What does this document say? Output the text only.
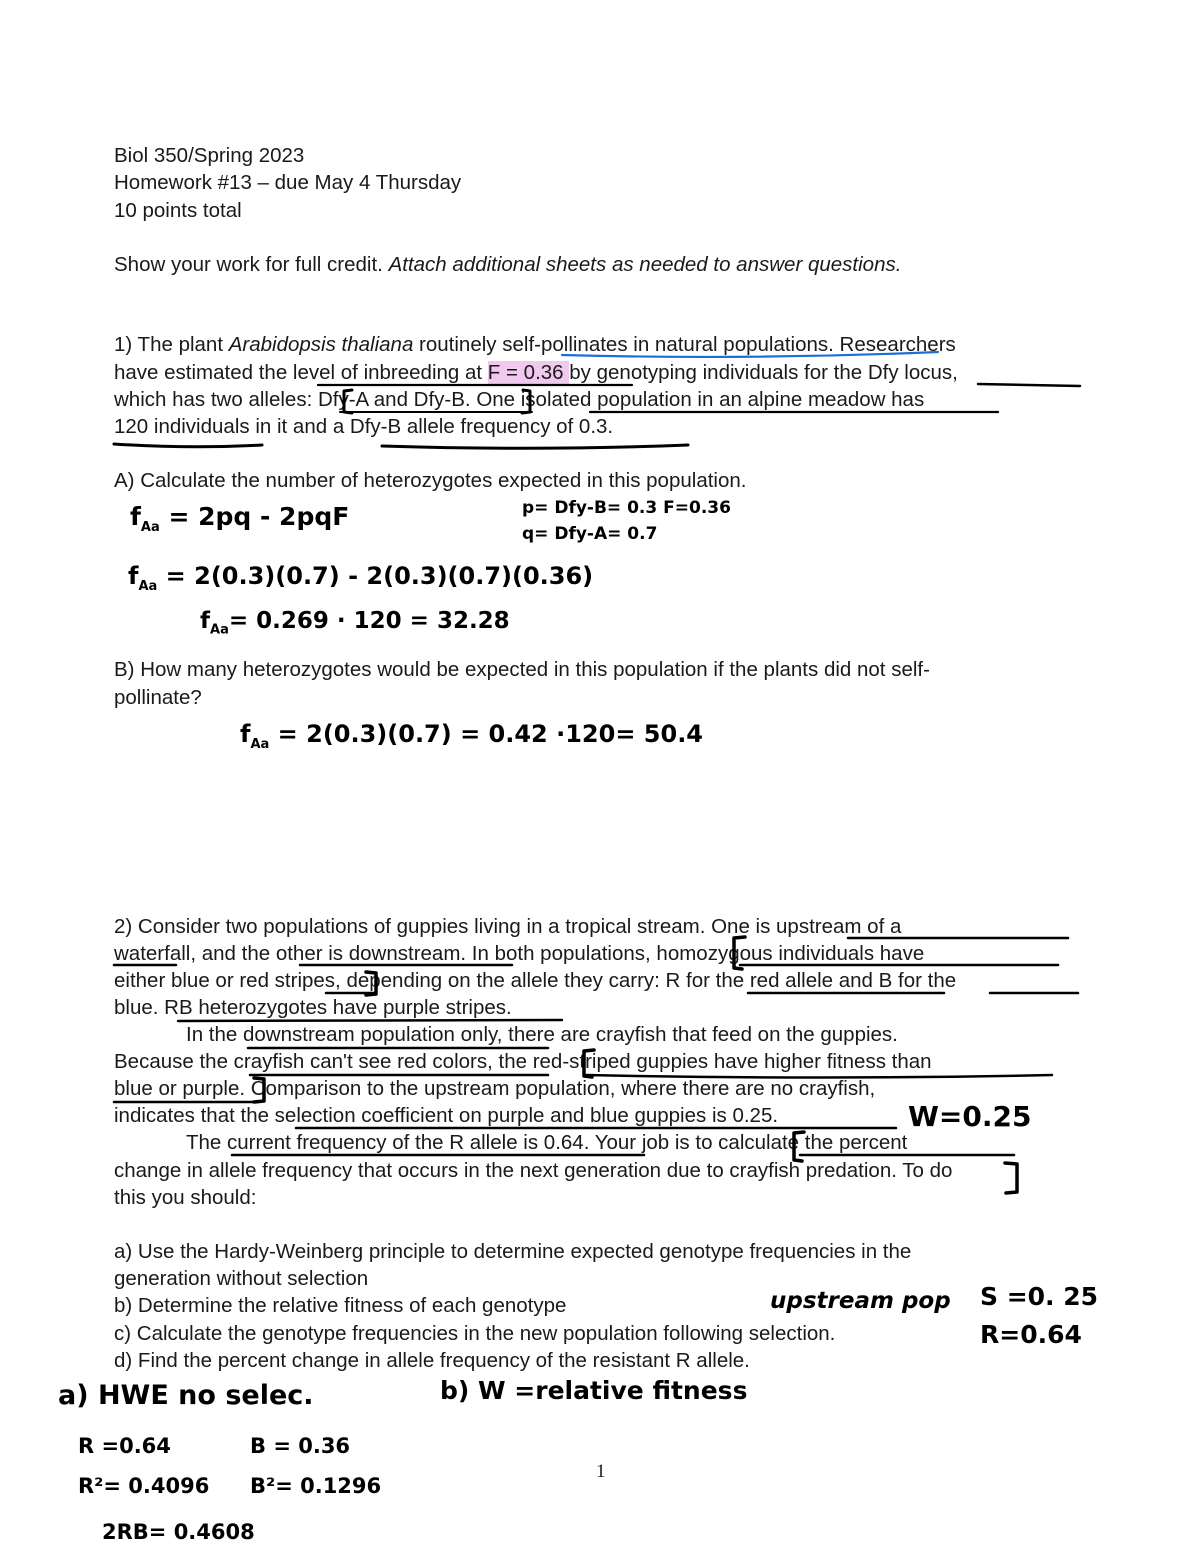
Biol 350/Spring 2023

Homework #13 – due May 4 Thursday

10 points total

Show your work for full credit. Attach additional sheets as needed to answer questions.

1) The plant Arabidopsis thaliana routinely self-pollinates in natural populations. Researchers

have estimated the level of inbreeding at F = 0.36 by genotyping individuals for the Dfy locus,

which has two alleles: Dfy-A and Dfy-B. One isolated population in an alpine meadow has

120 individuals in it and a Dfy-B allele frequency of 0.3.

A) Calculate the number of heterozygotes expected in this population.

B) How many heterozygotes would be expected in this population if the plants did not self-

pollinate?

2) Consider two populations of guppies living in a tropical stream. One is upstream of a

waterfall, and the other is downstream. In both populations, homozygous individuals have

either blue or red stripes, depending on the allele they carry: R for the red allele and B for the

blue. RB heterozygotes have purple stripes.

In the downstream population only, there are crayfish that feed on the guppies.

Because the crayfish can't see red colors, the red-striped guppies have higher fitness than

blue or purple. Comparison to the upstream population, where there are no crayfish,

indicates that the selection coefficient on purple and blue guppies is 0.25.

The current frequency of the R allele is 0.64. Your job is to calculate the percent

change in allele frequency that occurs in the next generation due to crayfish predation. To do

this you should:

a) Use the Hardy-Weinberg principle to determine expected genotype frequencies in the

generation without selection

b) Determine the relative fitness of each genotype

c) Calculate the genotype frequencies in the new population following selection.

d) Find the percent change in allele frequency of the resistant R allele.

$f_{Aa} = 2pq - 2pqF$	p= Dfy-B= 0.3 F=0.36

q= Dfy-A= 0.7

$f_{Aa} = 2(0.3)(0.7) - 2(0.3)(0.7)(0.36)$

$f_{Aa}= 0.269 \cdot 120 = 32.28$

$f_{Aa} = 2(0.3)(0.7) = 0.42 \cdot 120= 50.4$

W=0.25

upstream pop S =0. 25

R=0.64

a) HWE no selec.	b) W =relative fitness

R =0.64	B = 0.36

R²= 0.4096 B²= 0.1296

2RB= 0.4608

1
